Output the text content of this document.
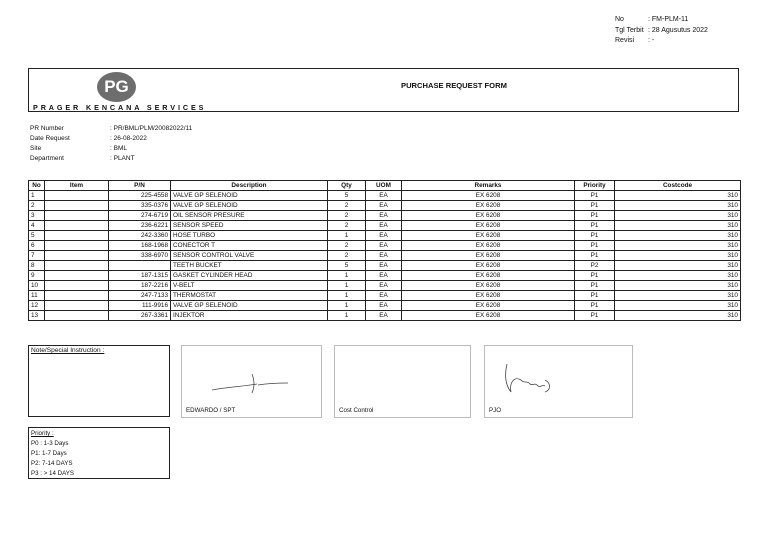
No	: FM-PLM-11
Tgl Terbit : 28 Agusutus 2022
Revisi	: -
PG
PRAGER KENCANA SERVICES
PURCHASE REQUEST FORM
PR Number	: PR/BML/PLM/20082022/11
Date Request	: 26-08-2022
Site	: BML
Department	: PLANT
No	Item	P/N	Description	Qty	UOM	Remarks	Priority	Costcode
1		225-4558	VALVE GP SELENOID	5	EA	EX 6208	P1	310
2		335-0376	VALVE GP SELENOID	2	EA	EX 6208	P1	310
3		274-6719	OIL SENSOR PRESURE	2	EA	EX 6208	P1	310
4		236-6221	SENSOR SPEED	2	EA	EX 6208	P1	310
5		242-3360	HOSE TURBO	1	EA	EX 6208	P1	310
6		168-1968	CONECTOR T	2	EA	EX 6208	P1	310
7		338-6970	SENSOR CONTROL VALVE	2	EA	EX 6208	P1	310
8			TEETH BUCKET	5	EA	EX 6208	P2	310
9		187-1315	GASKET CYLINDER HEAD	1	EA	EX 6208	P1	310
10		187-2216	V-BELT	1	EA	EX 6208	P1	310
11		247-7133	THERMOSTAT	1	EA	EX 6208	P1	310
12		111-9916	VALVE GP SELENOID	1	EA	EX 6208	P1	310
13		267-3361	INJEKTOR	1	EA	EX 6208	P1	310
Note/Special Instruction :
EDWARDO / SPT	Cost Control	PJO
Priority :
P0 : 1-3 Days
P1: 1-7 Days
P2: 7-14 DAYS
P3 : > 14 DAYS
